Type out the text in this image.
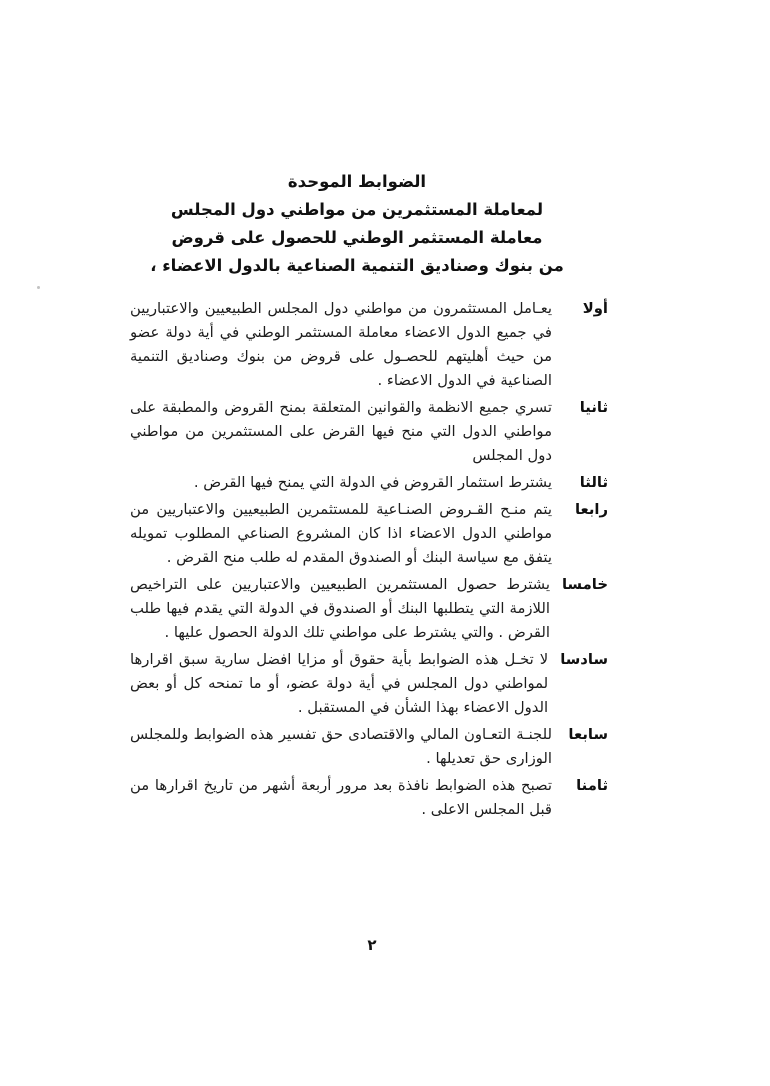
الضوابط الموحدة
لمعاملة المستثمرين من مواطني دول المجلس
معاملة المستثمر الوطني للحصول على قروض
من بنوك وصناديق التنمية الصناعية بالدول الاعضاء ،
أولا
يعـامل المستثمرون من مواطني دول المجلس الطبيعيين والاعتباريين في جميع الدول الاعضاء معاملة المستثمر الوطني في أية دولة عضو من حيث أهليتهم للحصـول على قروض من بنوك وصناديق التنمية الصناعية في الدول الاعضاء .
ثانيا
تسري جميع الانظمة والقوانين المتعلقة بمنح القروض والمطبقة على مواطني الدول التي منح فيها القرض على المستثمرين من مواطني دول المجلس
ثالثا
يشترط استثمار القروض في الدولة التي يمنح فيها القرض .
رابعا
يتم منـح القـروض الصنـاعية للمستثمرين الطبيعيين والاعتباريين من مواطني الدول الاعضاء اذا كان المشروع الصناعي المطلوب تمويله يتفق مع سياسة البنك أو الصندوق المقدم له طلب منح القرض .
خامسا
يشترط حصول المستثمرين الطبيعيين والاعتباريين على التراخيص اللازمة التي يتطلبها البنك أو الصندوق في الدولة التي يقدم فيها طلب القرض . والتي يشترط على مواطني تلك الدولة الحصول عليها .
سادسا
لا تخـل هذه الضوابط بأية حقوق أو مزايا افضل سارية سبق اقرارها لمواطني دول المجلس في أية دولة عضو، أو ما تمنحه كل أو بعض الدول الاعضاء بهذا الشأن في المستقبل .
سابعا
للجنـة التعـاون المالي والاقتصادى حق تفسير هذه الضوابط وللمجلس الوزارى حق تعديلها .
ثامنا
تصبح هذه الضوابط نافذة بعد مرور أربعة أشهر من تاريخ اقرارها من قبل المجلس الاعلى .
٢
